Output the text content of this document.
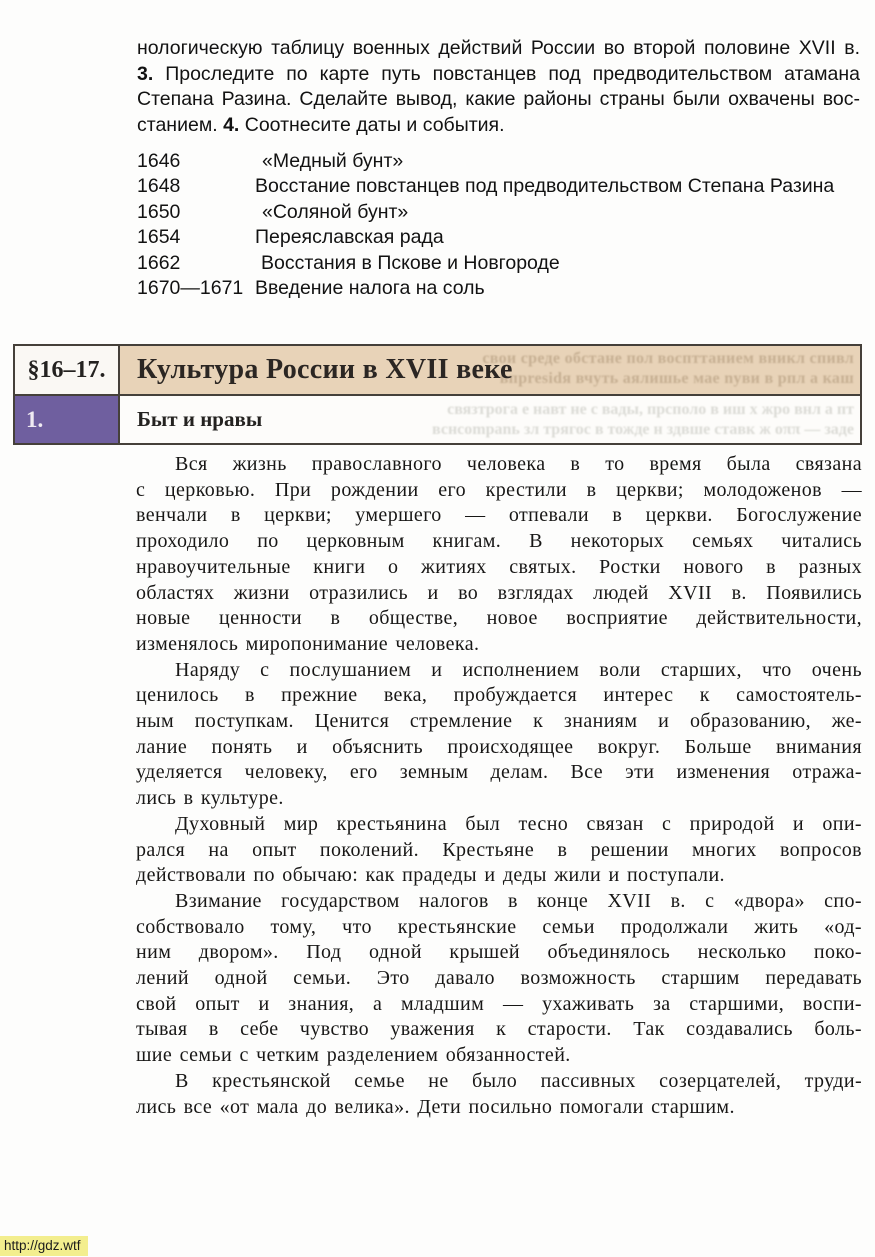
нологическую таблицу военных действий России во второй половине XVII в.
3. Проследите по карте путь повстанцев под предводительством атамана
Степана Разина. Сделайте вывод, какие районы страны были охвачены вос-
станием. 4. Соотнесите даты и события.
1646	«Медный бунт»
1648	Восстание повстанцев под предводительством Степана Разина
1650	«Соляной бунт»
1654	Переяславская рада
1662	Восстания в Пскове и Новгороде
1670—1671 Введение налога на соль
§16–17.	свои среде обстане пол воспттанием вникл спивл
впрresidя вчуть аялишье мае nуви в рпл а каш
Культура России в XVII веке
1.	связтрога е навт не с вады, прсполо в иш х жро внл а пт
вснcompanь зл трягос в тожде н здвше ставк ж оππ — заде
Быт и нравы
Вся жизнь православного человека в то время была связана
с церковью. При рождении его крестили в церкви; молодоженов —
венчали в церкви; умершего — отпевали в церкви. Богослужение
проходило по церковным книгам. В некоторых семьях читались
нравоучительные книги о житиях святых. Ростки нового в разных
областях жизни отразились и во взглядах людей XVII в. Появились
новые ценности в обществе, новое восприятие действительности,
изменялось миропонимание человека.
Наряду с послушанием и исполнением воли старших, что очень
ценилось в прежние века, пробуждается интерес к самостоятель-
ным поступкам. Ценится стремление к знаниям и образованию, же-
лание понять и объяснить происходящее вокруг. Больше внимания
уделяется человеку, его земным делам. Все эти изменения отража-
лись в культуре.
Духовный мир крестьянина был тесно связан с природой и опи-
рался на опыт поколений. Крестьяне в решении многих вопросов
действовали по обычаю: как прадеды и деды жили и поступали.
Взимание государством налогов в конце XVII в. с «двора» спо-
собствовало тому, что крестьянские семьи продолжали жить «од-
ним двором». Под одной крышей объединялось несколько поко-
лений одной семьи. Это давало возможность старшим передавать
свой опыт и знания, а младшим — ухаживать за старшими, воспи-
тывая в себе чувство уважения к старости. Так создавались боль-
шие семьи с четким разделением обязанностей.
В крестьянской семье не было пассивных созерцателей, труди-
лись все «от мала до велика». Дети посильно помогали старшим.
http://gdz.wtf
